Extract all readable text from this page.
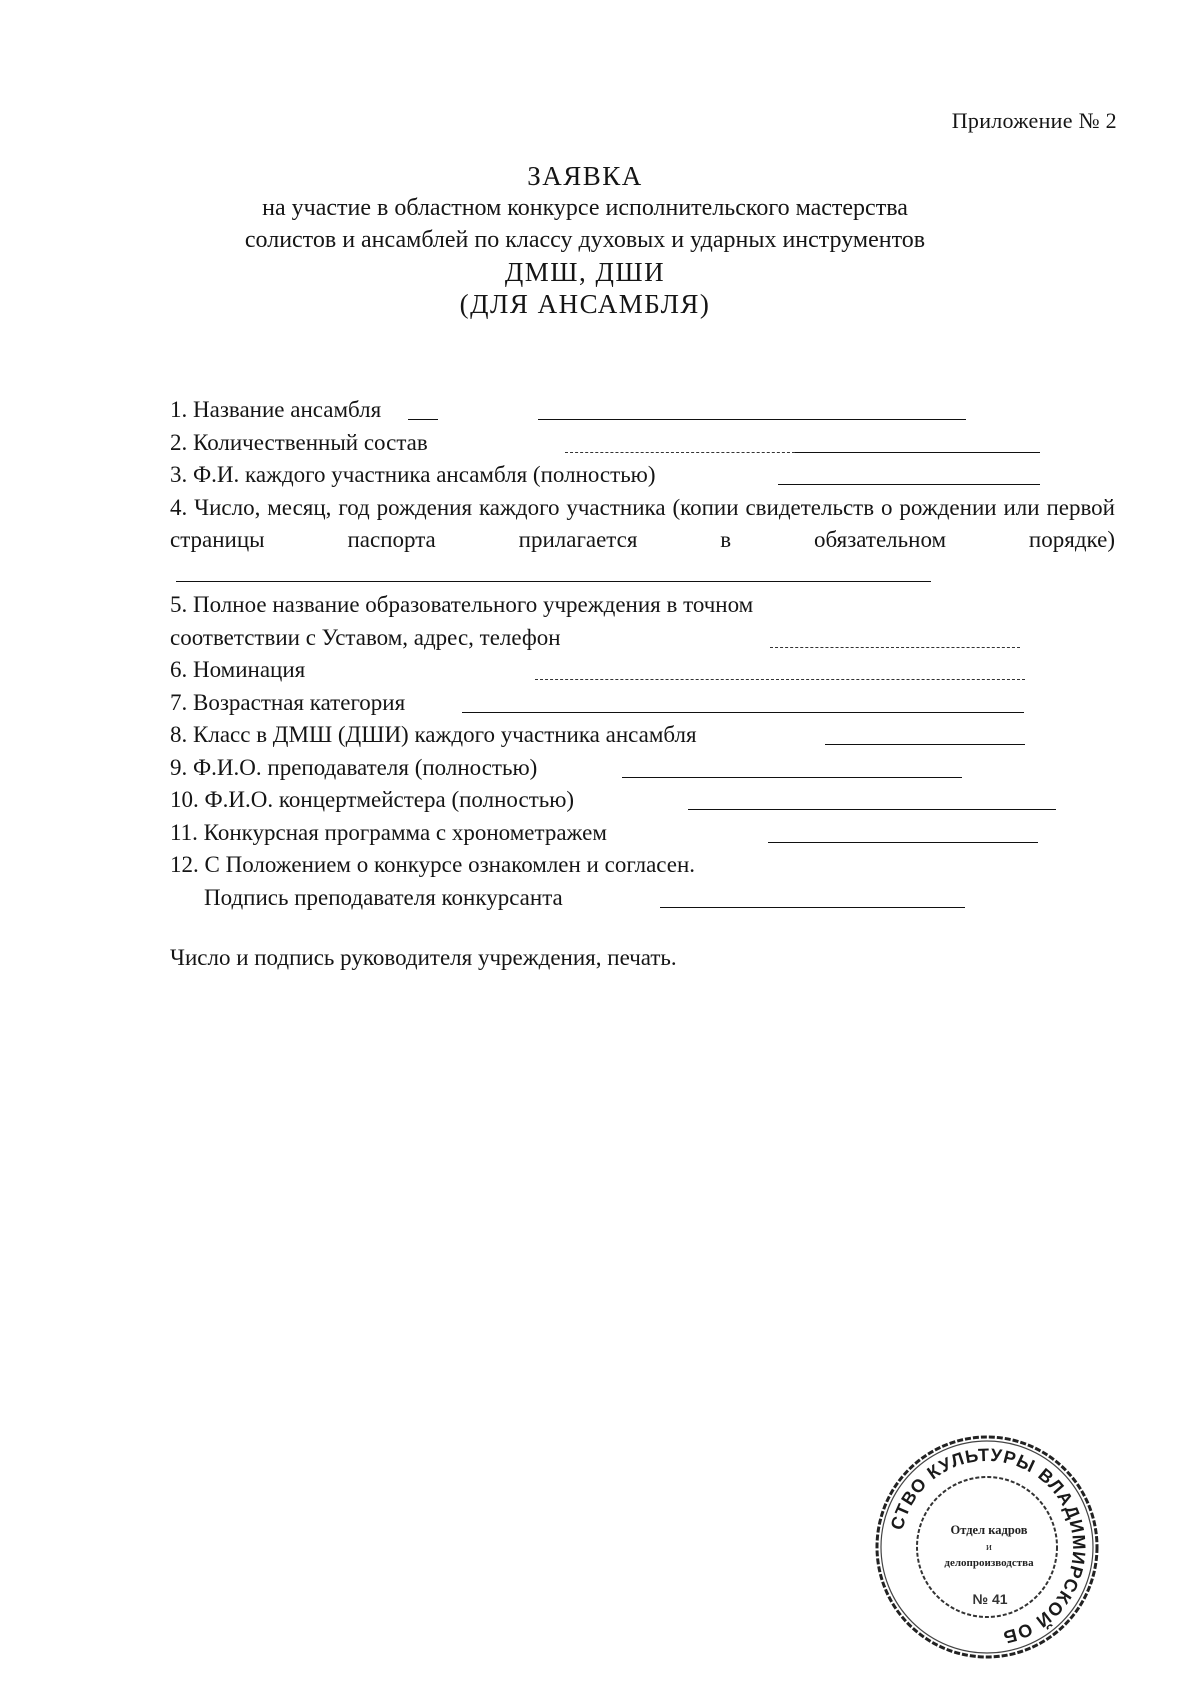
Приложение № 2
ЗАЯВКА
на участие в областном конкурсе исполнительского мастерства
солистов и ансамблей по классу духовых и ударных инструментов
ДМШ, ДШИ
(ДЛЯ АНСАМБЛЯ)
1. Название ансамбля
2. Количественный состав
3. Ф.И. каждого участника ансамбля (полностью)
4. Число, месяц, год рождения каждого участника (копии свидетельств о рождении или первой страницы паспорта прилагается в обязательном порядке)
5. Полное название образовательного учреждения в точном
соответствии с Уставом, адрес, телефон
6. Номинация
7. Возрастная категория
8. Класс в ДМШ (ДШИ) каждого участника ансамбля
9. Ф.И.О. преподавателя (полностью)
10. Ф.И.О. концертмейстера (полностью)
11. Конкурсная программа с хронометражем
12. С Положением о конкурсе ознакомлен и согласен.
Подпись преподавателя конкурсанта
Число и подпись руководителя учреждения, печать.
СТВО КУЛЬТУРЫ ВЛАДИМИРСКОЙ ОБ
Отдел кадров
и
делопроизводства
№ 41
